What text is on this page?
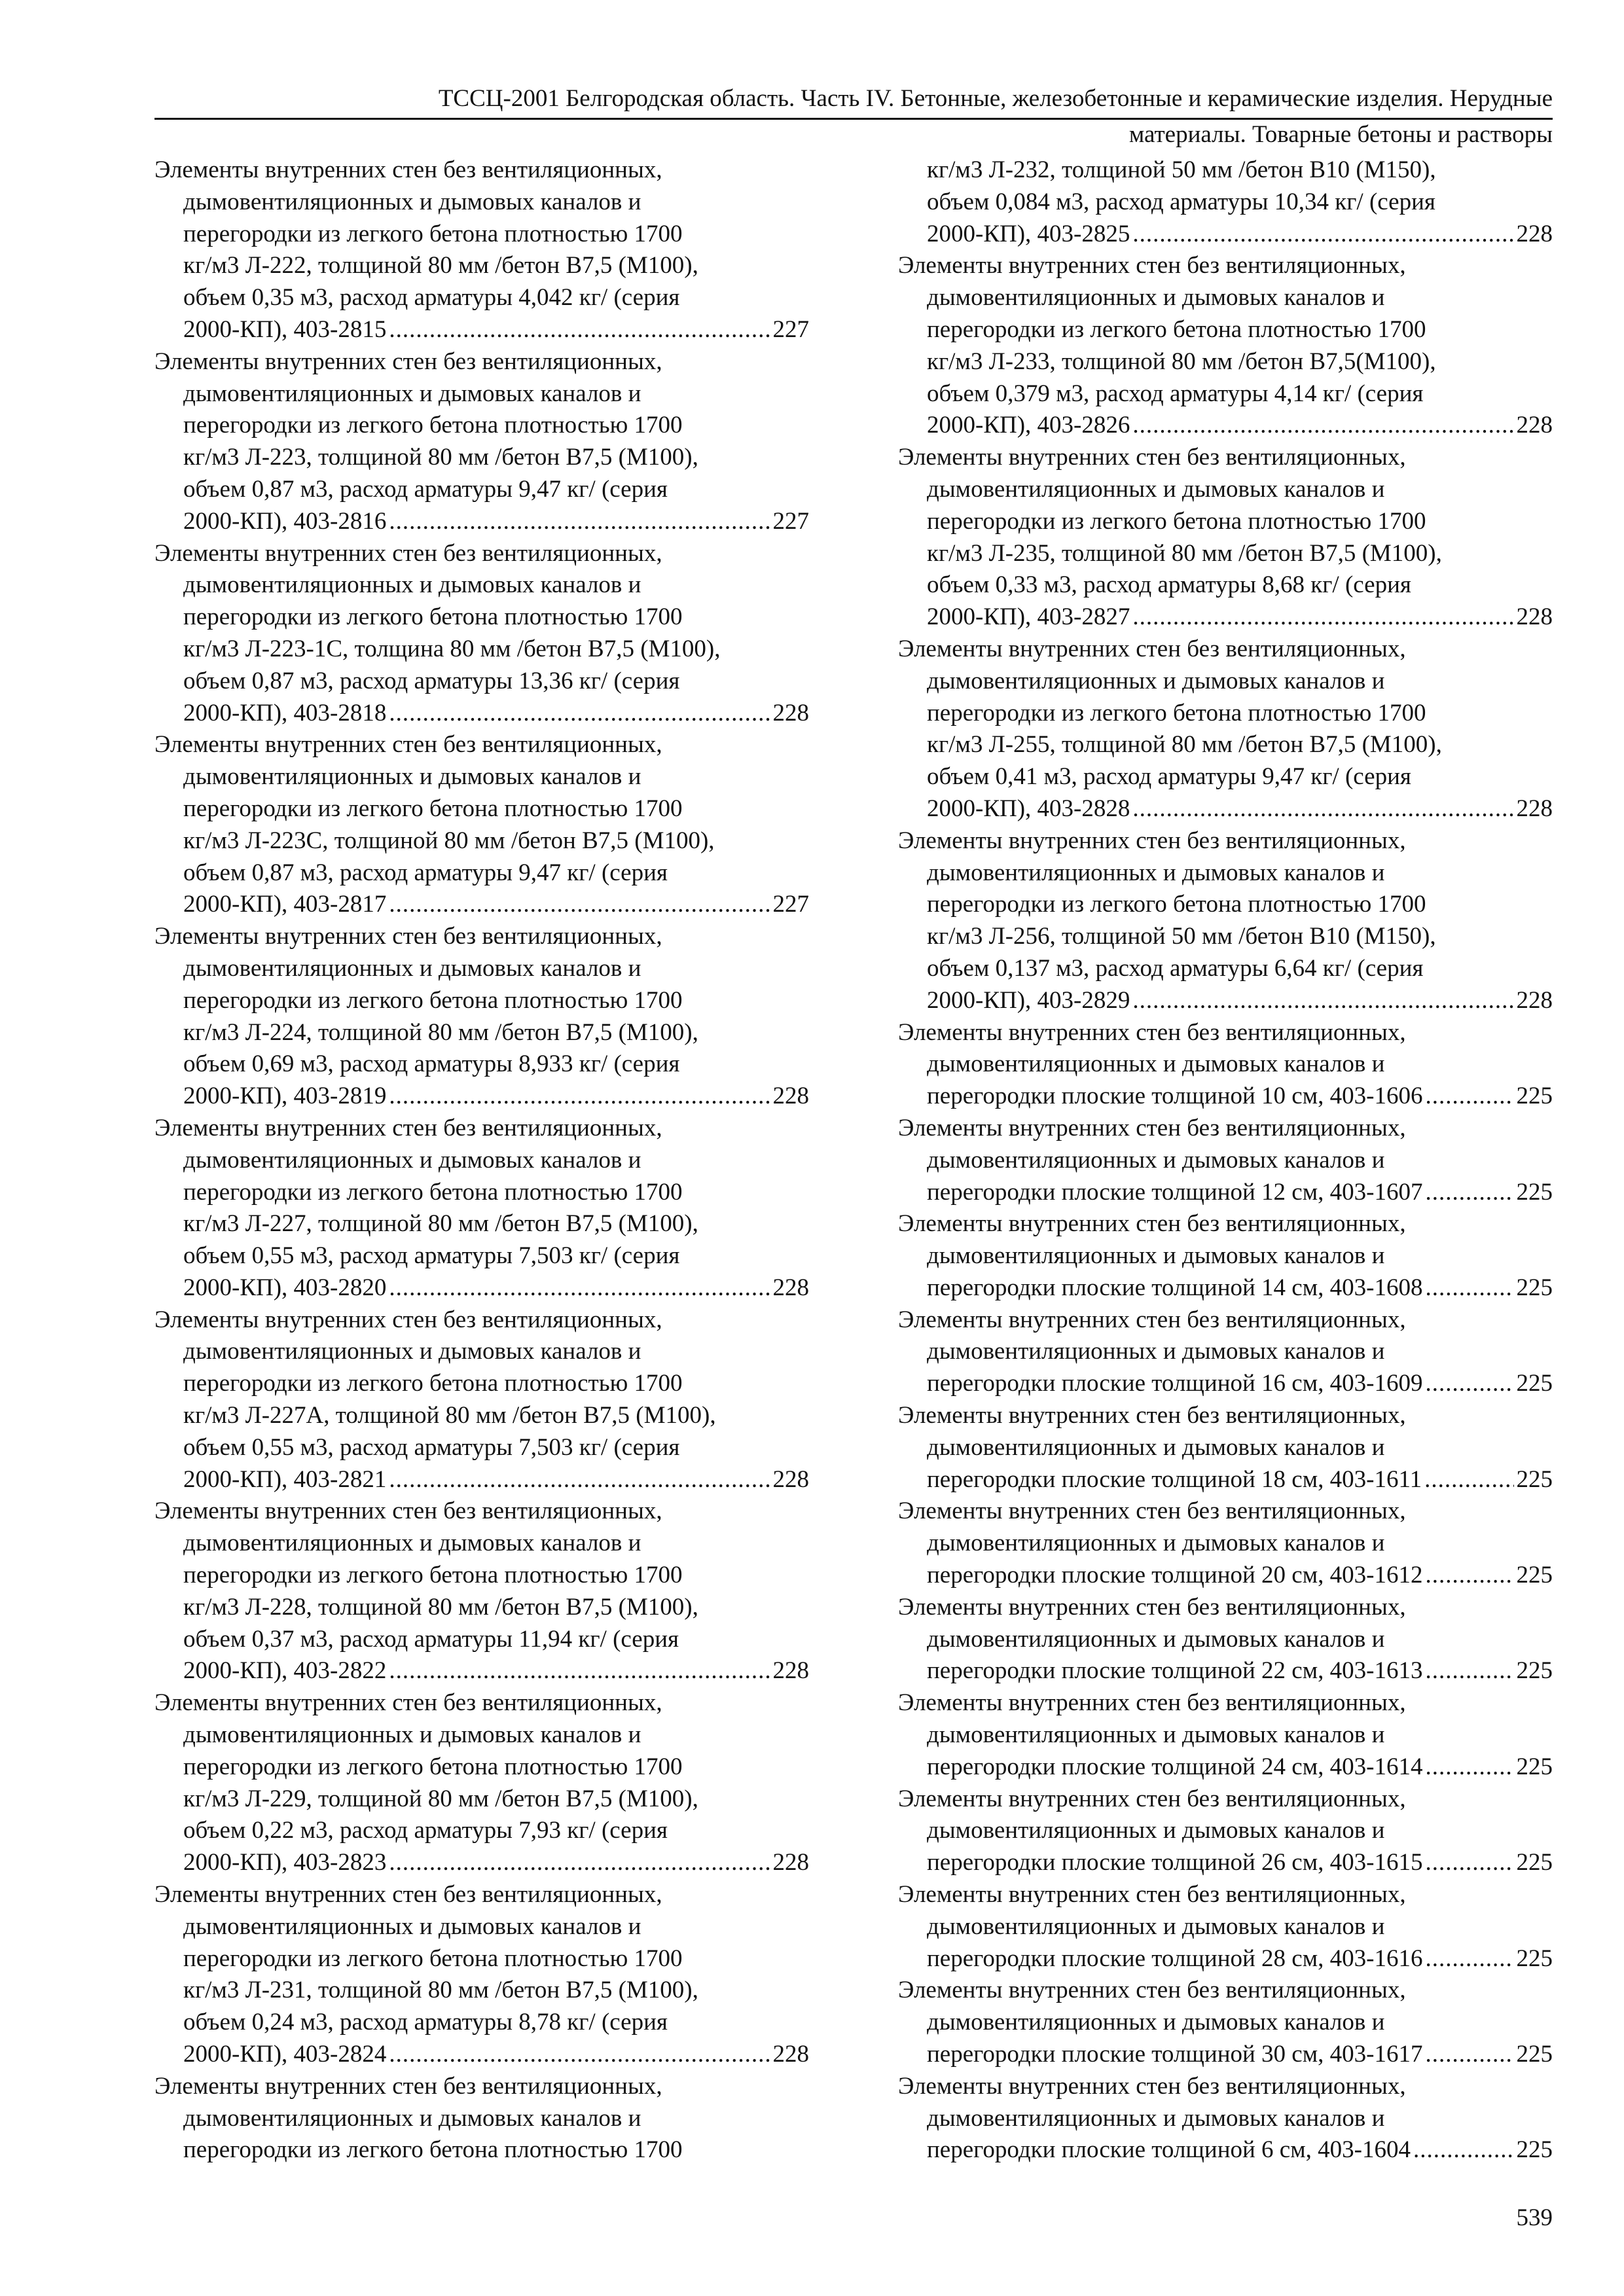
ТССЦ-2001 Белгородская область. Часть IV. Бетонные, железобетонные и керамические изделия. Нерудные
материалы. Товарные бетоны и растворы
Элементы внутренних стен без вентиляционных,
дымовентиляционных и дымовых каналов и
перегородки из легкого бетона плотностью 1700
кг/м3 Л-222, толщиной 80 мм /бетон В7,5 (М100),
объем 0,35 м3, расход арматуры 4,042 кг/ (серия
2000-КП), 403-2815 .....	227
Элементы внутренних стен без вентиляционных,
дымовентиляционных и дымовых каналов и
перегородки из легкого бетона плотностью 1700
кг/м3 Л-223, толщиной 80 мм /бетон В7,5 (М100),
объем 0,87 м3, расход арматуры 9,47 кг/ (серия
2000-КП), 403-2816 .....	227
Элементы внутренних стен без вентиляционных,
дымовентиляционных и дымовых каналов и
перегородки из легкого бетона плотностью 1700
кг/м3 Л-223-1С, толщина 80 мм /бетон В7,5 (М100),
объем 0,87 м3, расход арматуры 13,36 кг/ (серия
2000-КП), 403-2818 .....	228
Элементы внутренних стен без вентиляционных,
дымовентиляционных и дымовых каналов и
перегородки из легкого бетона плотностью 1700
кг/м3 Л-223С, толщиной 80 мм /бетон В7,5 (М100),
объем 0,87 м3, расход арматуры 9,47 кг/ (серия
2000-КП), 403-2817 .....	227
Элементы внутренних стен без вентиляционных,
дымовентиляционных и дымовых каналов и
перегородки из легкого бетона плотностью 1700
кг/м3 Л-224, толщиной 80 мм /бетон В7,5 (М100),
объем 0,69 м3, расход арматуры 8,933 кг/ (серия
2000-КП), 403-2819 .....	228
Элементы внутренних стен без вентиляционных,
дымовентиляционных и дымовых каналов и
перегородки из легкого бетона плотностью 1700
кг/м3 Л-227, толщиной 80 мм /бетон В7,5 (М100),
объем 0,55 м3, расход арматуры 7,503 кг/ (серия
2000-КП), 403-2820 .....	228
Элементы внутренних стен без вентиляционных,
дымовентиляционных и дымовых каналов и
перегородки из легкого бетона плотностью 1700
кг/м3 Л-227А, толщиной 80 мм /бетон В7,5 (М100),
объем 0,55 м3, расход арматуры 7,503 кг/ (серия
2000-КП), 403-2821 .....	228
Элементы внутренних стен без вентиляционных,
дымовентиляционных и дымовых каналов и
перегородки из легкого бетона плотностью 1700
кг/м3 Л-228, толщиной 80 мм /бетон В7,5 (М100),
объем 0,37 м3, расход арматуры 11,94 кг/ (серия
2000-КП), 403-2822 .....	228
Элементы внутренних стен без вентиляционных,
дымовентиляционных и дымовых каналов и
перегородки из легкого бетона плотностью 1700
кг/м3 Л-229, толщиной 80 мм /бетон В7,5 (М100),
объем 0,22 м3, расход арматуры 7,93 кг/ (серия
2000-КП), 403-2823 .....	228
Элементы внутренних стен без вентиляционных,
дымовентиляционных и дымовых каналов и
перегородки из легкого бетона плотностью 1700
кг/м3 Л-231, толщиной 80 мм /бетон В7,5 (М100),
объем 0,24 м3, расход арматуры 8,78 кг/ (серия
2000-КП), 403-2824 .....	228
Элементы внутренних стен без вентиляционных,
дымовентиляционных и дымовых каналов и
перегородки из легкого бетона плотностью 1700
кг/м3 Л-232, толщиной 50 мм /бетон В10 (М150),
объем 0,084 м3, расход арматуры 10,34 кг/ (серия
2000-КП), 403-2825 .....	228
Элементы внутренних стен без вентиляционных,
дымовентиляционных и дымовых каналов и
перегородки из легкого бетона плотностью 1700
кг/м3 Л-233, толщиной 80 мм /бетон В7,5(М100),
объем 0,379 м3, расход арматуры 4,14 кг/ (серия
2000-КП), 403-2826 .....	228
Элементы внутренних стен без вентиляционных,
дымовентиляционных и дымовых каналов и
перегородки из легкого бетона плотностью 1700
кг/м3 Л-235, толщиной 80 мм /бетон В7,5 (М100),
объем 0,33 м3, расход арматуры 8,68 кг/ (серия
2000-КП), 403-2827 .....	228
Элементы внутренних стен без вентиляционных,
дымовентиляционных и дымовых каналов и
перегородки из легкого бетона плотностью 1700
кг/м3 Л-255, толщиной 80 мм /бетон В7,5 (М100),
объем 0,41 м3, расход арматуры 9,47 кг/ (серия
2000-КП), 403-2828 .....	228
Элементы внутренних стен без вентиляционных,
дымовентиляционных и дымовых каналов и
перегородки из легкого бетона плотностью 1700
кг/м3 Л-256, толщиной 50 мм /бетон В10 (М150),
объем 0,137 м3, расход арматуры 6,64 кг/ (серия
2000-КП), 403-2829 .....	228
Элементы внутренних стен без вентиляционных,
дымовентиляционных и дымовых каналов и
перегородки плоские толщиной 10 см, 403-1606 .....	225
Элементы внутренних стен без вентиляционных,
дымовентиляционных и дымовых каналов и
перегородки плоские толщиной 12 см, 403-1607 .....	225
Элементы внутренних стен без вентиляционных,
дымовентиляционных и дымовых каналов и
перегородки плоские толщиной 14 см, 403-1608 .....	225
Элементы внутренних стен без вентиляционных,
дымовентиляционных и дымовых каналов и
перегородки плоские толщиной 16 см, 403-1609 .....	225
Элементы внутренних стен без вентиляционных,
дымовентиляционных и дымовых каналов и
перегородки плоские толщиной 18 см, 403-1611 .....	225
Элементы внутренних стен без вентиляционных,
дымовентиляционных и дымовых каналов и
перегородки плоские толщиной 20 см, 403-1612 .....	225
Элементы внутренних стен без вентиляционных,
дымовентиляционных и дымовых каналов и
перегородки плоские толщиной 22 см, 403-1613 .....	225
Элементы внутренних стен без вентиляционных,
дымовентиляционных и дымовых каналов и
перегородки плоские толщиной 24 см, 403-1614 .....	225
Элементы внутренних стен без вентиляционных,
дымовентиляционных и дымовых каналов и
перегородки плоские толщиной 26 см, 403-1615 .....	225
Элементы внутренних стен без вентиляционных,
дымовентиляционных и дымовых каналов и
перегородки плоские толщиной 28 см, 403-1616 .....	225
Элементы внутренних стен без вентиляционных,
дымовентиляционных и дымовых каналов и
перегородки плоские толщиной 30 см, 403-1617 .....	225
Элементы внутренних стен без вентиляционных,
дымовентиляционных и дымовых каналов и
перегородки плоские толщиной 6 см, 403-1604 .....	225
539
